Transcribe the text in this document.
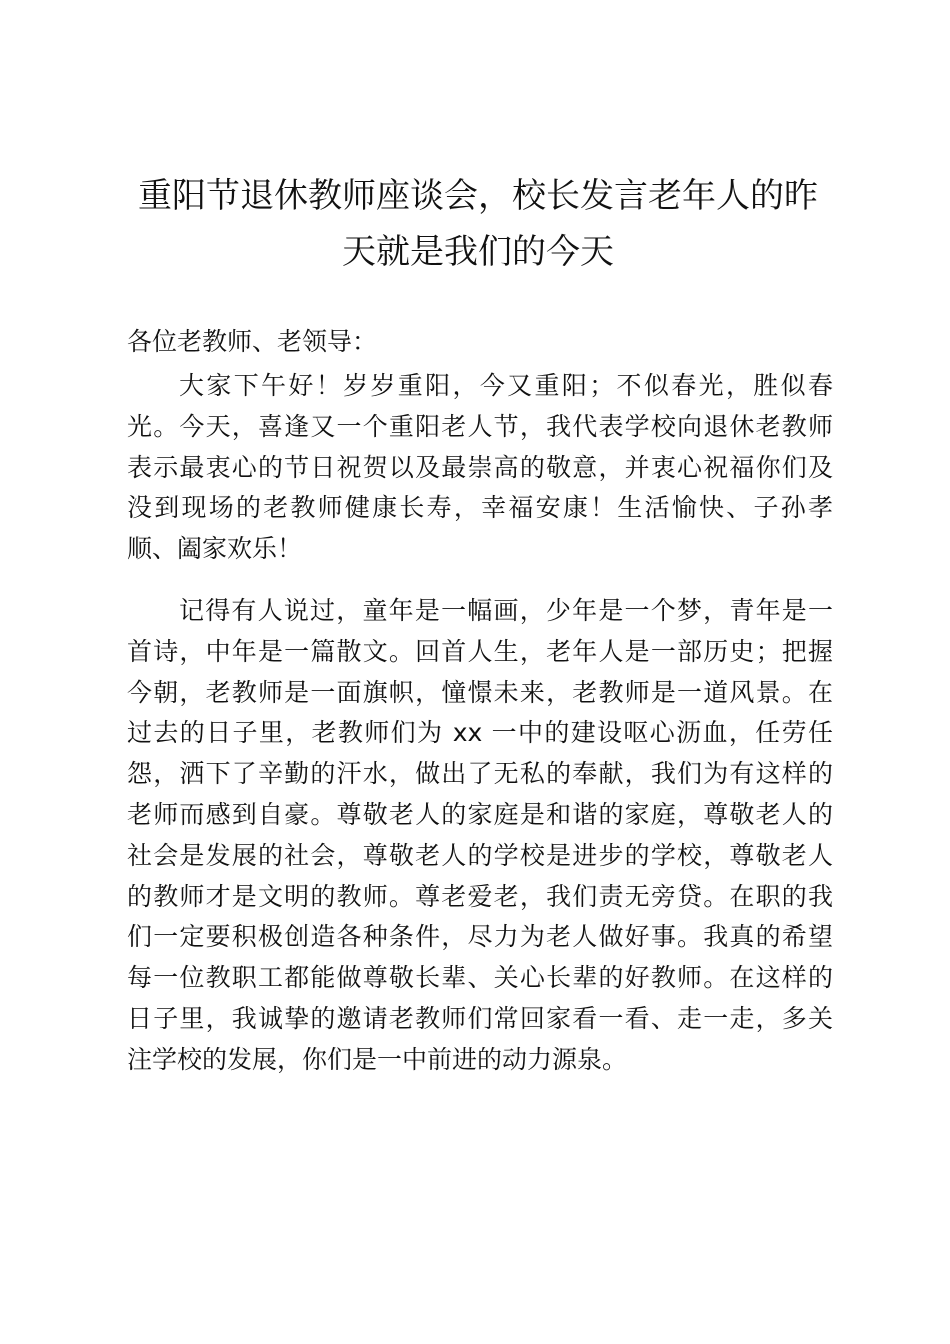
重阳节退休教师座谈会，校长发言老年人的昨
天就是我们的今天

各位老教师、老领导：

大家下午好！岁岁重阳，今又重阳；不似春光，胜似春
光。今天，喜逢又一个重阳老人节，我代表学校向退休老教师
表示最衷心的节日祝贺以及最崇高的敬意，并衷心祝福你们及
没到现场的老教师健康长寿，幸福安康！生活愉快、子孙孝
顺、阖家欢乐！
记得有人说过，童年是一幅画，少年是一个梦，青年是一
首诗，中年是一篇散文。回首人生，老年人是一部历史；把握
今朝，老教师是一面旗帜，憧憬未来，老教师是一道风景。在
过去的日子里，老教师们为 xx 一中的建设呕心沥血，任劳任
怨，洒下了辛勤的汗水，做出了无私的奉献，我们为有这样的
老师而感到自豪。尊敬老人的家庭是和谐的家庭，尊敬老人的
社会是发展的社会，尊敬老人的学校是进步的学校，尊敬老人
的教师才是文明的教师。尊老爱老，我们责无旁贷。在职的我
们一定要积极创造各种条件，尽力为老人做好事。我真的希望
每一位教职工都能做尊敬长辈、关心长辈的好教师。在这样的
日子里，我诚挚的邀请老教师们常回家看一看、走一走，多关
注学校的发展，你们是一中前进的动力源泉。
